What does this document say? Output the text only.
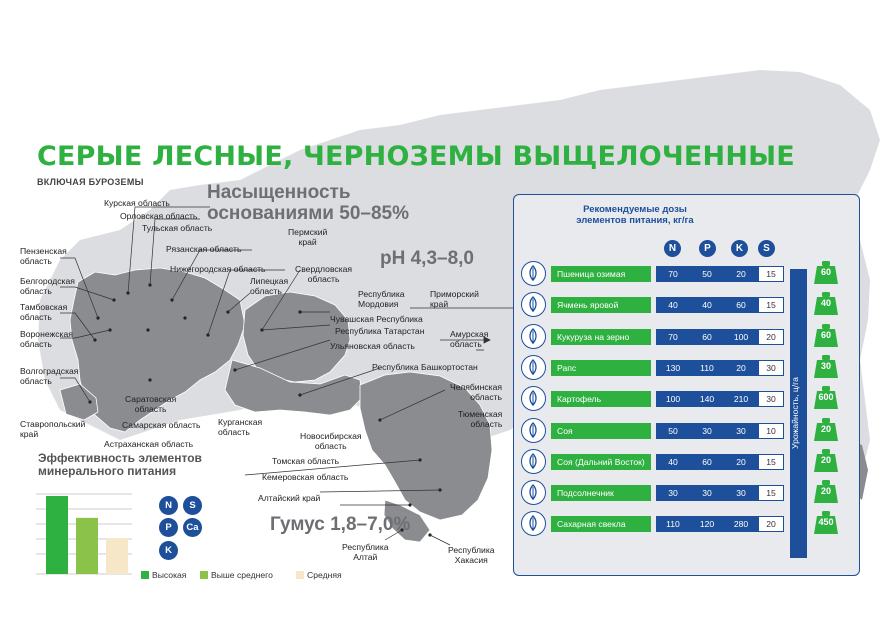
СЕРЫЕ ЛЕСНЫЕ, ЧЕРНОЗЕМЫ ВЫЩЕЛОЧЕННЫЕ
ВКЛЮЧАЯ БУРОЗЕМЫ	Насыщенность
основаниями 50–85%
pH 4,3–8,0
Гумус 1,8–7,0%
Курская область
Орловская область
Тульская область
Пензенская
область
Рязанская область
Нижегородская область
Липецкая
область
Белгородская
область
Тамбовская
область
Воронежская
область
Волгоградская
область
Пермский
край
Свердловская
область
Республика
Мордовия
Приморский
край
Чувашская Республика
Республика Татарстан	Амурская
область
Ульяновская область
Республика Башкортостан
Челябинская
область
Саратовская
область
Тюменская
область
Ставропольский
край
Самарская область Курганская
область	Новосибирская
область
Астраханская область
Томская область
Кемеровская область
Алтайский край
Республика
Алтай
Республика
Хакасия
Рекомендуемые дозы
элементов питания, кг/га
N	P	K	S
Пшеница озимая	70	50	20	15	60
Ячмень яровой	40	40	60	15	40
Кукуруза на зерно	70	60	100	20	60
Рапс	130	110	20	30	30
Картофель	100	140	210	30	600
Соя	50	30	30	10	20
Соя (Дальний Восток)	40	60	20	15	20
Подсолнечник	30	30	30	15	20
Сахарная свекла	110	120	280	20	450
Урожайность, ц/га
Эффективность элементов
минерального питания
N	S
P	Ca
K
Высокая	Выше среднего	Средняя
